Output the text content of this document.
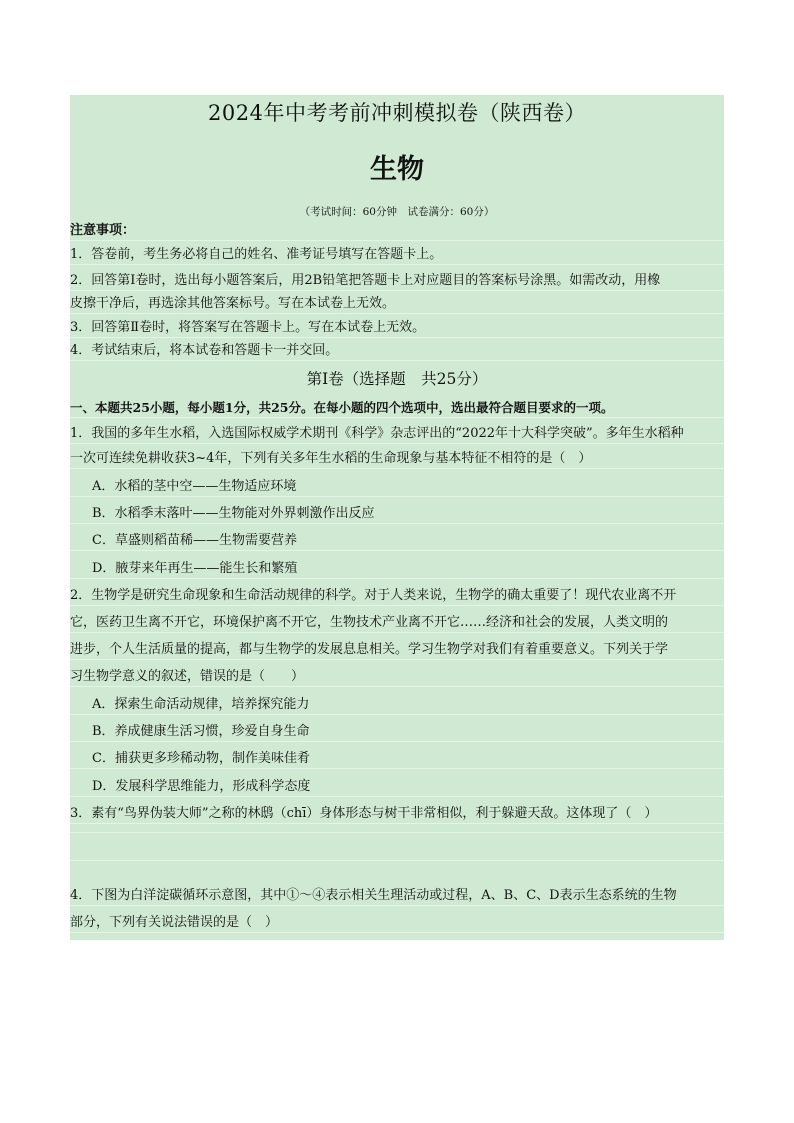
2024年中考考前冲刺模拟卷（陕西卷）
生物
（考试时间：60分钟　试卷满分：60分）
注意事项：
1．答卷前，考生务必将自己的姓名、准考证号填写在答题卡上。
2．回答第Ⅰ卷时，选出每小题答案后，用2B铅笔把答题卡上对应题目的答案标号涂黑。如需改动，用橡
皮擦干净后，再选涂其他答案标号。写在本试卷上无效。
3．回答第Ⅱ卷时，将答案写在答题卡上。写在本试卷上无效。
4．考试结束后，将本试卷和答题卡一并交回。
第Ⅰ卷（选择题　共25分）
一、本题共25小题，每小题1分，共25分。在每小题的四个选项中，选出最符合题目要求的一项。
1．我国的多年生水稻，入选国际权威学术期刊《科学》杂志评出的“2022年十大科学突破”。多年生水稻种
一次可连续免耕收获3~4年，下列有关多年生水稻的生命现象与基本特征不相符的是（　）
A．水稻的茎中空——生物适应环境
B．水稻季末落叶——生物能对外界刺激作出反应
C．草盛则稻苗稀——生物需要营养
D．腋芽来年再生——能生长和繁殖
2．生物学是研究生命现象和生命活动规律的科学。对于人类来说，生物学的确太重要了！现代农业离不开
它，医药卫生离不开它，环境保护离不开它，生物技术产业离不开它……经济和社会的发展，人类文明的
进步，个人生活质量的提高，都与生物学的发展息息相关。学习生物学对我们有着重要意义。下列关于学
习生物学意义的叙述，错误的是（　　）
A．探索生命活动规律，培养探究能力
B．养成健康生活习惯，珍爱自身生命
C．捕获更多珍稀动物，制作美味佳肴
D．发展科学思维能力，形成科学态度
3．素有“鸟界伪装大师”之称的林鸱（chī）身体形态与树干非常相似，利于躲避天敌。这体现了（　）
4．下图为白洋淀碳循环示意图，其中①～④表示相关生理活动或过程，A、B、C、D表示生态系统的生物
部分，下列有关说法错误的是（　）
